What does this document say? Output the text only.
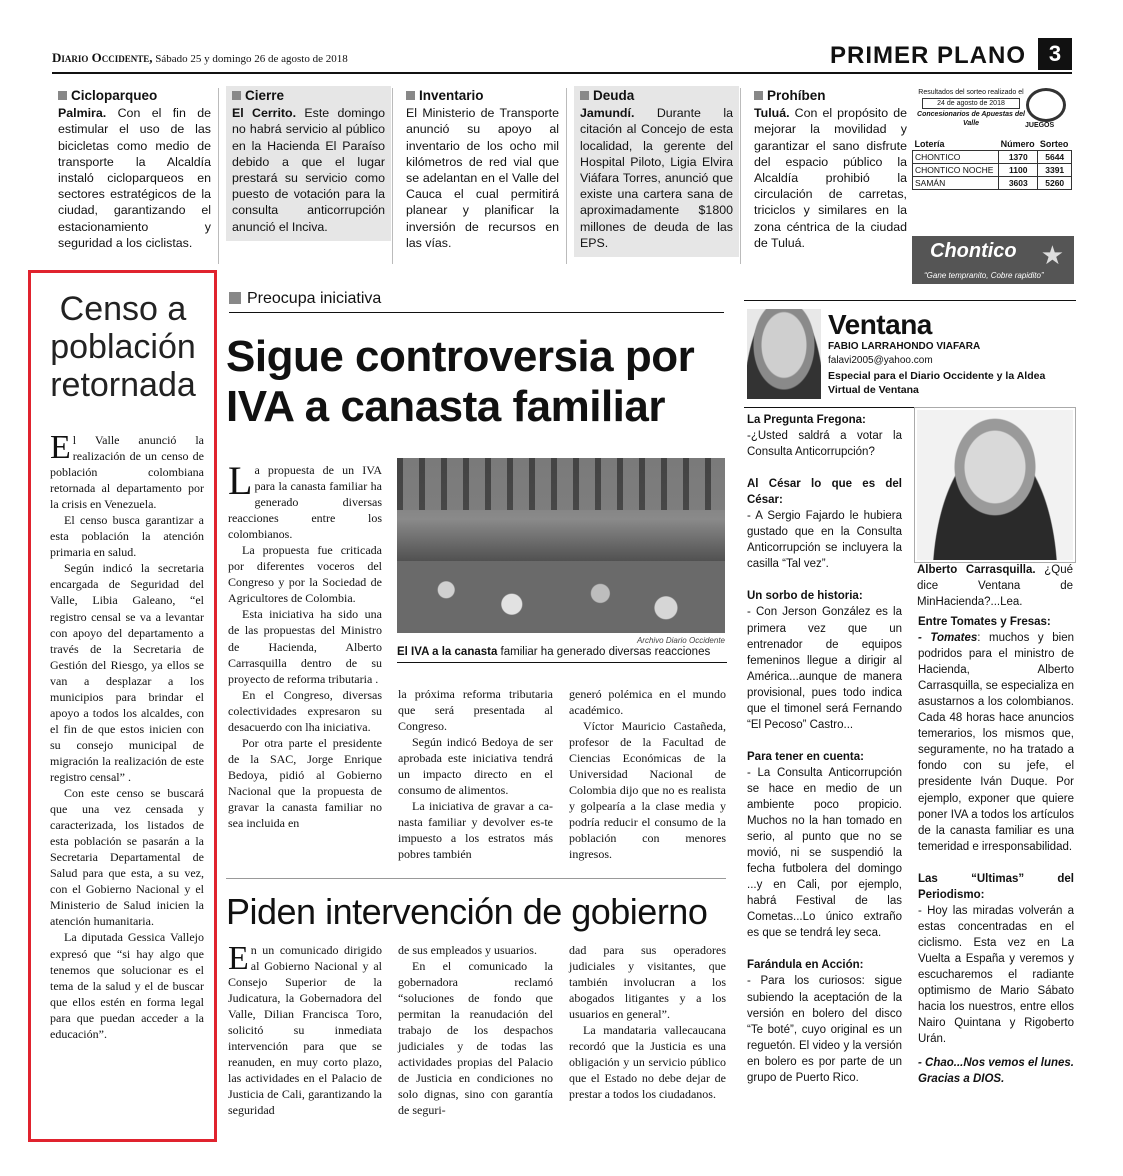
Diario Occidente, Sábado 25 y domingo 26 de agosto de 2018	PRIMER PLANO	3
Cicloparqueo
Palmira. Con el fin de estimular el uso de las bicicletas como medio de transporte la Alcaldía instaló cicloparqueos en sectores estratégicos de la ciudad, garantizando el estacionamiento y seguridad a los ciclistas.
Cierre
El Cerrito. Este domingo no habrá servicio al público en la Hacienda El Paraíso debido a que el lugar prestará su servicio como puesto de votación para la consulta anticorrupción anunció el Inciva.
Inventario
El Ministerio de Transporte anunció su apoyo al inventario de los ocho mil kilómetros de red vial que se adelantan en el Valle del Cauca el cual permitirá planear y planificar la inversión de recursos en las vías.
Deuda
Jamundí. Durante la citación al Concejo de esta localidad, la gerente del Hospital Piloto, Ligia Elvira Viáfara Torres, anunció que existe una cartera sana de aproximadamente $1800 millones de deuda de las EPS.
Prohíben
Tuluá. Con el propósito de mejorar la movilidad y garantizar el sano disfrute del espacio público la Alcaldía prohibió la circulación de carretas, triciclos y similares en la zona céntrica de la ciudad de Tuluá.
Resultados del sorteo realizado el
24 de agosto de 2018
Concesionarios de Apuestas del Valle	JUEGOS
Lotería	Número	Sorteo
CHONTICO	1370	5644
CHONTICO NOCHE	1100	3391
SAMÁN	3603	5260
Chontico ★
“Gane tempranito, Cobre rapidito”
Censo a población retornada

El Valle anunció la realización de un censo de población colombiana retornada al departamento por la crisis en Venezuela.

El censo busca garantizar a esta población la atención primaria en salud.

Según indicó la secretaria encargada de Seguridad del Valle, Libia Galeano, “el registro censal se va a levantar con apoyo del departamento a través de la Secretaria de Gestión del Riesgo, ya ellos se van a desplazar a los municipios para brindar el apoyo a todos los alcaldes, con el fin de que estos inicien con su consejo municipal de migración la realización de este registro censal” .

Con este censo se buscará que una vez censada y caracterizada, los listados de esta población se pasarán a la Secretaria Departamental de Salud para que esta, a su vez, con el Gobierno Nacional y el Ministerio de Salud inicien la atención humanitaria.

La diputada Gessica Vallejo expresó que “si hay algo que tenemos que solucionar es el tema de la salud y el de buscar que ellos estén en forma legal para que puedan acceder a la educación”.

Preocupa iniciativa
Sigue controversia por IVA a canasta familiar

La propuesta de un IVA para la canasta familiar ha generado diversas reacciones entre los colombianos.

La propuesta fue criticada por diferentes voceros del Congreso y por la Sociedad de Agricultores de Colombia.

Esta iniciativa ha sido una de las propuestas del Ministro de Hacienda, Alberto Carrasquilla dentro de su proyecto de reforma tributaria .

En el Congreso, diversas colectividades expresaron su desacuerdo con lha iniciativa.

Por otra parte el presidente de la SAC, Jorge Enrique Bedoya, pidió al Gobierno Nacional que la propuesta de gravar la canasta familiar no sea incluida en

Archivo Diario Occidente
El IVA a la canasta familiar ha generado diversas reacciones

la próxima reforma tributaria que será presentada al Congreso.

Según indicó Bedoya de ser aprobada este iniciativa tendrá un impacto directo en el consumo de alimentos.

La iniciativa de gravar a ca-nasta familiar y devolver es-te impuesto a los estratos más pobres también

generó polémica en el mundo académico.

Víctor Mauricio Castañeda, profesor de la Facultad de Ciencias Económicas de la Universidad Nacional de Colombia dijo que no es realista y golpearía a la clase media y podría reducir el consumo de la población con menores ingresos.

Piden intervención de gobierno

En un comunicado dirigido al Gobierno Nacional y al Consejo Superior de la Judicatura, la Gobernadora del Valle, Dilian Francisca Toro, solicitó su inmediata intervención para que se reanuden, en muy corto plazo, las actividades en el Palacio de Justicia de Cali, garantizando la seguridad

de sus empleados y usuarios.

En el comunicado la gobernadora reclamó “soluciones de fondo que permitan la reanudación del trabajo de los despachos judiciales y de todas las actividades propias del Palacio de Justicia en condiciones no solo dignas, sino con garantía de seguri-

dad para sus operadores judiciales y visitantes, que también involucran a los abogados litigantes y a los usuarios en general”.

La mandataria vallecaucana recordó que la Justicia es una obligación y un servicio público que el Estado no debe dejar de prestar a todos los ciudadanos.

Ventana
FABIO LARRAHONDO VIAFARA
falavi2005@yahoo.com
Especial para el Diario Occidente y la Aldea Virtual de Ventana
La Pregunta Fregona:

-¿Usted saldrá a votar la Consulta Anticorrupción?

Al César lo que es del César:

- A Sergio Fajardo le hubiera gustado que en la Consulta Anticorrupción se incluyera la casilla “Tal vez”.

Un sorbo de historia:

- Con Jerson González es la primera vez que un entrenador de equipos femeninos llegue a dirigir al América...aunque de manera provisional, pues todo indica que el timonel será Fernando “El Pecoso” Castro...

Para tener en cuenta:

- La Consulta Anticorrupción se hace en medio de un ambiente poco propicio. Muchos no la han tomado en serio, al punto que no se movió, ni se suspendió la fecha futbolera del domingo ...y en Cali, por ejemplo, habrá Festival de las Cometas...Lo único extraño es que se tendrá ley seca.

Farándula en Acción:

- Para los curiosos: sigue subiendo la aceptación de la versión en bolero del disco “Te boté”, cuyo original es un reguetón. El video y la versión en bolero es por parte de un grupo de Puerto Rico.

Alberto Carrasquilla. ¿Qué dice Ventana de MinHacienda?...Lea.
Entre Tomates y Fresas:

- Tomates: muchos y bien podridos para el ministro de Hacienda, Alberto Carrasquilla, se especializa en asustarnos a los colombianos. Cada 48 horas hace anuncios temerarios, los mismos que, seguramente, no ha tratado a fondo con su jefe, el presidente Iván Duque. Por ejemplo, exponer que quiere poner IVA a todos los artículos de la canasta familiar es una temeridad e irresponsabilidad.

Las “Ultimas” del Periodismo:

- Hoy las miradas volverán a estas concentradas en el ciclismo. Esta vez en La Vuelta a España y veremos y escucharemos el radiante optimismo de Mario Sábato hacia los nuestros, entre ellos Nairo Quintana y Rigoberto Urán.

- Chao...Nos vemos el lunes. Gracias a DIOS.
